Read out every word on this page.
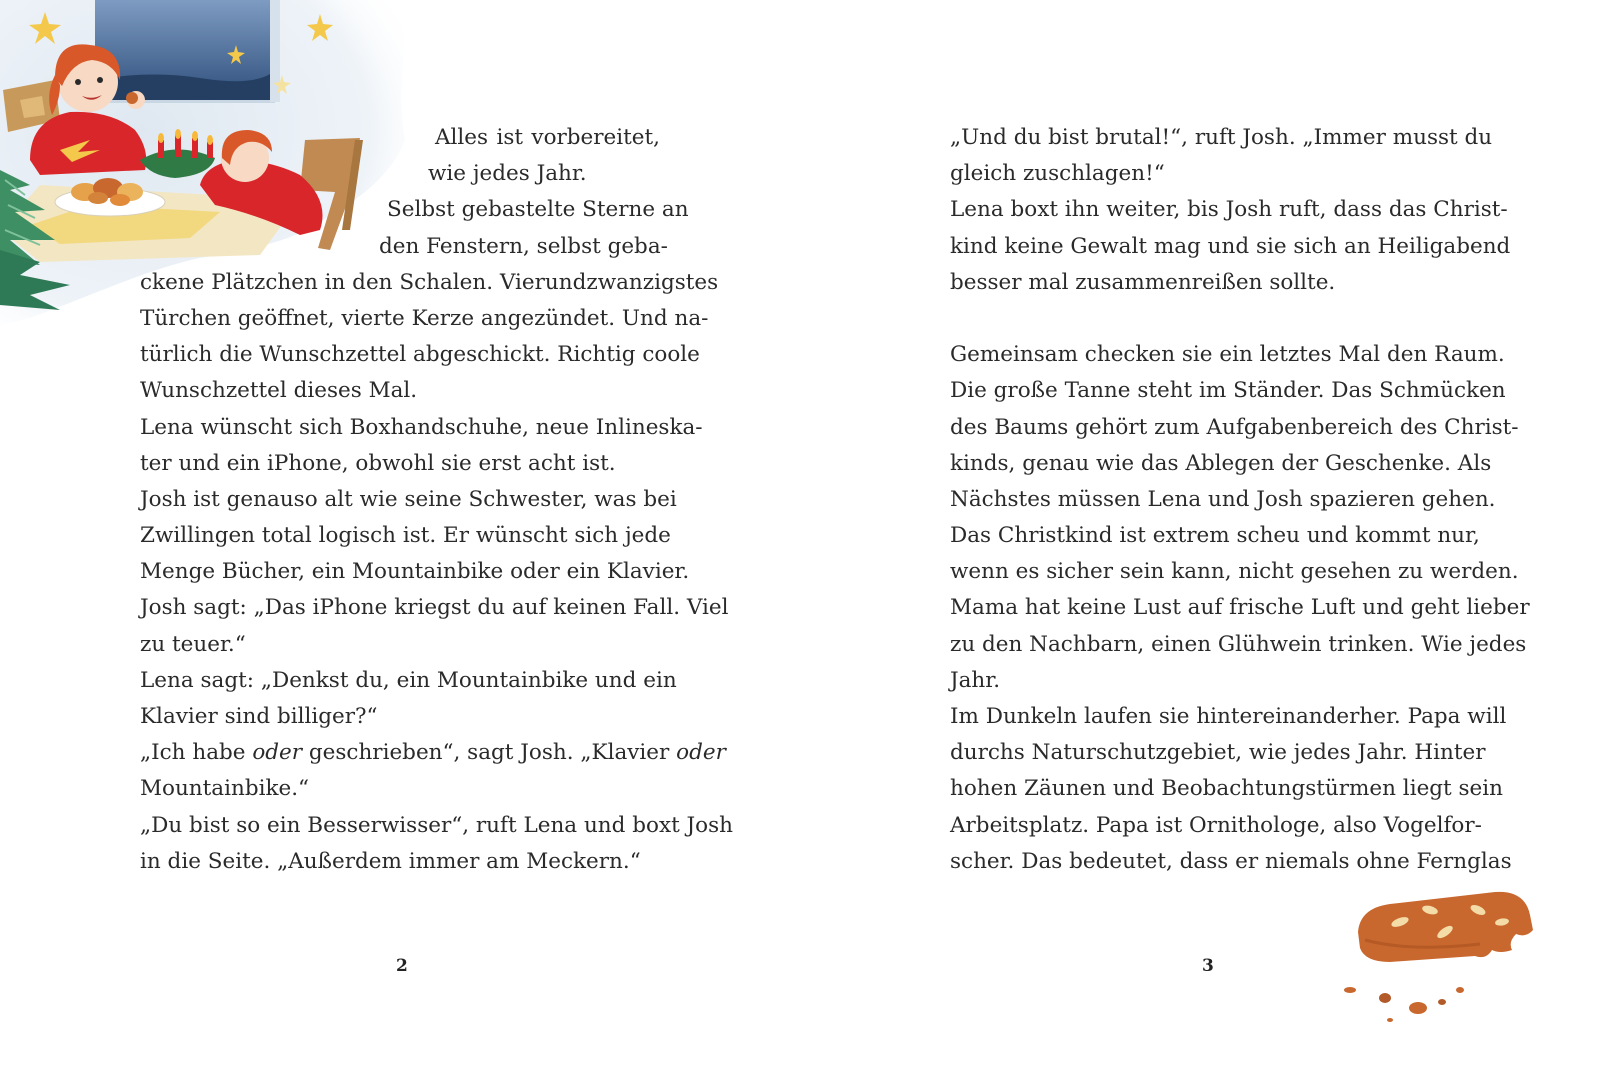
Alles ist vorbereitet,
wie jedes Jahr.
Selbst gebastelte Sterne an
den Fenstern, selbst geba-
ckene Plätzchen in den Schalen. Vierundzwanzigstes
Türchen geöffnet, vierte Kerze angezündet. Und na-
türlich die Wunschzettel abgeschickt. Richtig coole
Wunschzettel dieses Mal.
Lena wünscht sich Boxhandschuhe, neue Inlineska-
ter und ein iPhone, obwohl sie erst acht ist.
Josh ist genauso alt wie seine Schwester, was bei
Zwillingen total logisch ist. Er wünscht sich jede
Menge Bücher, ein Mountainbike oder ein Klavier.
Josh sagt: „Das iPhone kriegst du auf keinen Fall. Viel
zu teuer.“
Lena sagt: „Denkst du, ein Mountainbike und ein
Klavier sind billiger?“
„Ich habe oder geschrieben“, sagt Josh. „Klavier oder
Mountainbike.“
„Du bist so ein Besserwisser“, ruft Lena und boxt Josh
in die Seite. „Außerdem immer am Meckern.“
2
„Und du bist brutal!“, ruft Josh. „Immer musst du
gleich zuschlagen!“
Lena boxt ihn weiter, bis Josh ruft, dass das Christ-
kind keine Gewalt mag und sie sich an Heiligabend
besser mal zusammenreißen sollte.
Gemeinsam checken sie ein letztes Mal den Raum.
Die große Tanne steht im Ständer. Das Schmücken
des Baums gehört zum Aufgabenbereich des Christ-
kinds, genau wie das Ablegen der Geschenke. Als
Nächstes müssen Lena und Josh spazieren gehen.
Das Christkind ist extrem scheu und kommt nur,
wenn es sicher sein kann, nicht gesehen zu werden.
Mama hat keine Lust auf frische Luft und geht lieber
zu den Nachbarn, einen Glühwein trinken. Wie jedes
Jahr.
Im Dunkeln laufen sie hintereinanderher. Papa will
durchs Naturschutzgebiet, wie jedes Jahr. Hinter
hohen Zäunen und Beobachtungstürmen liegt sein
Arbeitsplatz. Papa ist Ornithologe, also Vogelfor-
scher. Das bedeutet, dass er niemals ohne Fernglas
3
